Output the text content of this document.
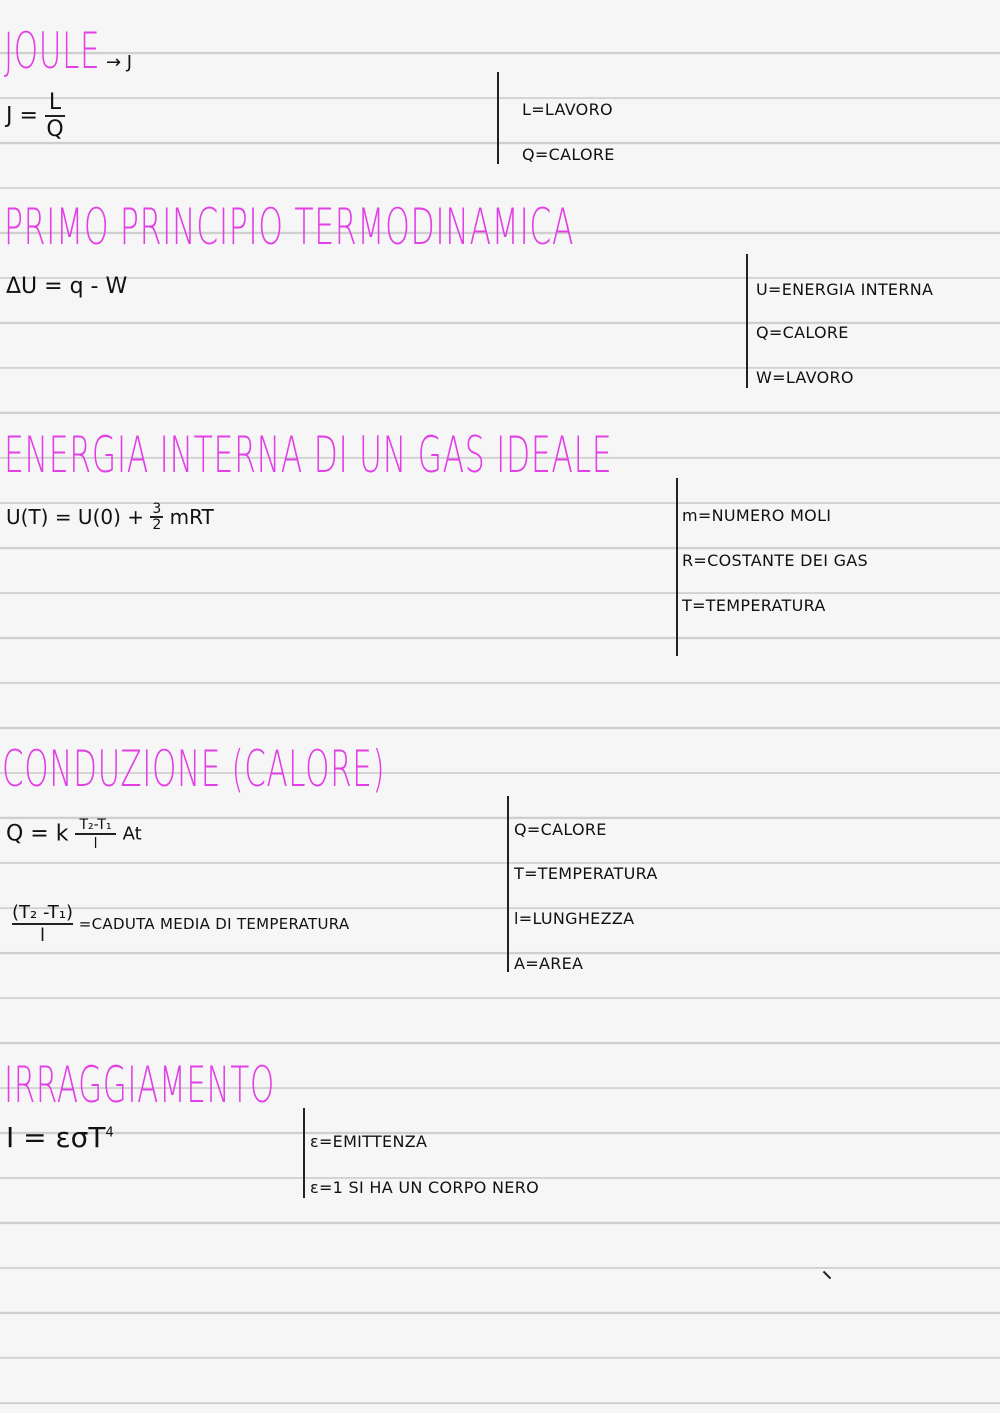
JOULE → J
$J = \frac{L}{Q}$	L=LAVORO
Q=CALORE
PRIMO PRINCIPIO TERMODINAMICA
ΔU = q - W	U=ENERGIA INTERNA
Q=CALORE
W=LAVORO
ENERGIA INTERNA DI UN GAS IDEALE
$U(T) = U(0) + \frac{3}{2}$ mRT	m=NUMERO MOLI
R=COSTANTE DEI GAS
T=TEMPERATURA
CONDUZIONE (CALORE)
Q = k $\frac{\text{T₂-T₁}}{l}$ At
$\frac{\text{(T₂ -T₁)}}{l}$ =CADUTA MEDIA DI TEMPERATURA
Q=CALORE
T=TEMPERATURA
l=LUNGHEZZA
A=AREA
IRRAGGIAMENTO
I = εσT$^4$	ε=EMITTENZA
ε=1 SI HA UN CORPO NERO
